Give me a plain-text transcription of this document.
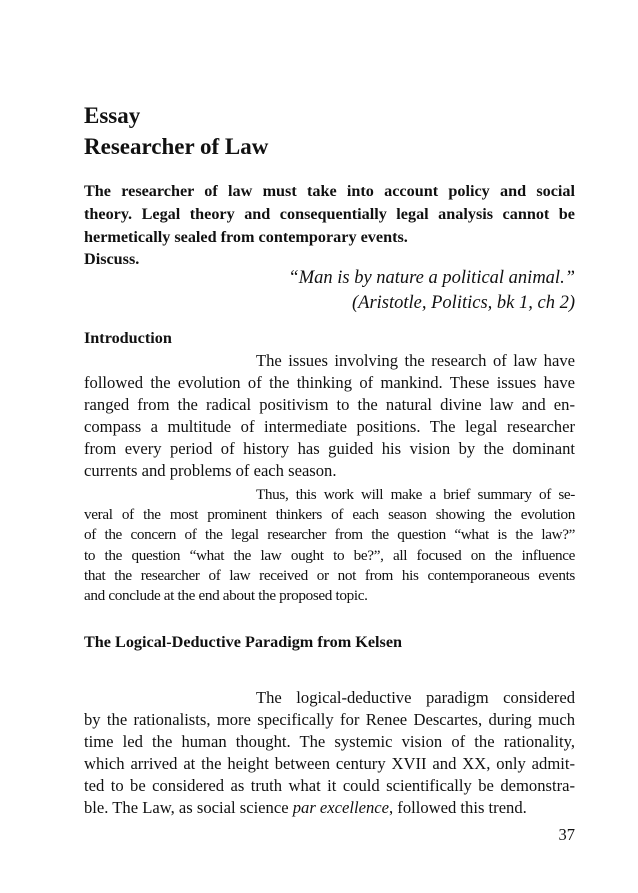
Essay
Researcher of Law
The researcher of law must take into account policy and social
theory. Legal theory and consequentially legal analysis cannot be
hermetically sealed from contemporary events.
Discuss.
“Man is by nature a political animal.”
(Aristotle, Politics, bk 1, ch 2)
Introduction
The issues involving the research of law have
followed the evolution of the thinking of mankind. These issues have
ranged from the radical positivism to the natural divine law and en-
compass a multitude of intermediate positions. The legal researcher
from every period of history has guided his vision by the dominant
currents and problems of each season.
Thus, this work will make a brief summary of se-
veral of the most prominent thinkers of each season showing the evolution
of the concern of the legal researcher from the question “what is the law?”
to the question “what the law ought to be?”, all focused on the influence
that the researcher of law received or not from his contemporaneous events
and conclude at the end about the proposed topic.
The Logical-Deductive Paradigm from Kelsen
The logical-deductive paradigm considered
by the rationalists, more specifically for Renee Descartes, during much
time led the human thought. The systemic vision of the rationality,
which arrived at the height between century XVII and XX, only admit-
ted to be considered as truth what it could scientifically be demonstra-
ble. The Law, as social science par excellence, followed this trend.
37
